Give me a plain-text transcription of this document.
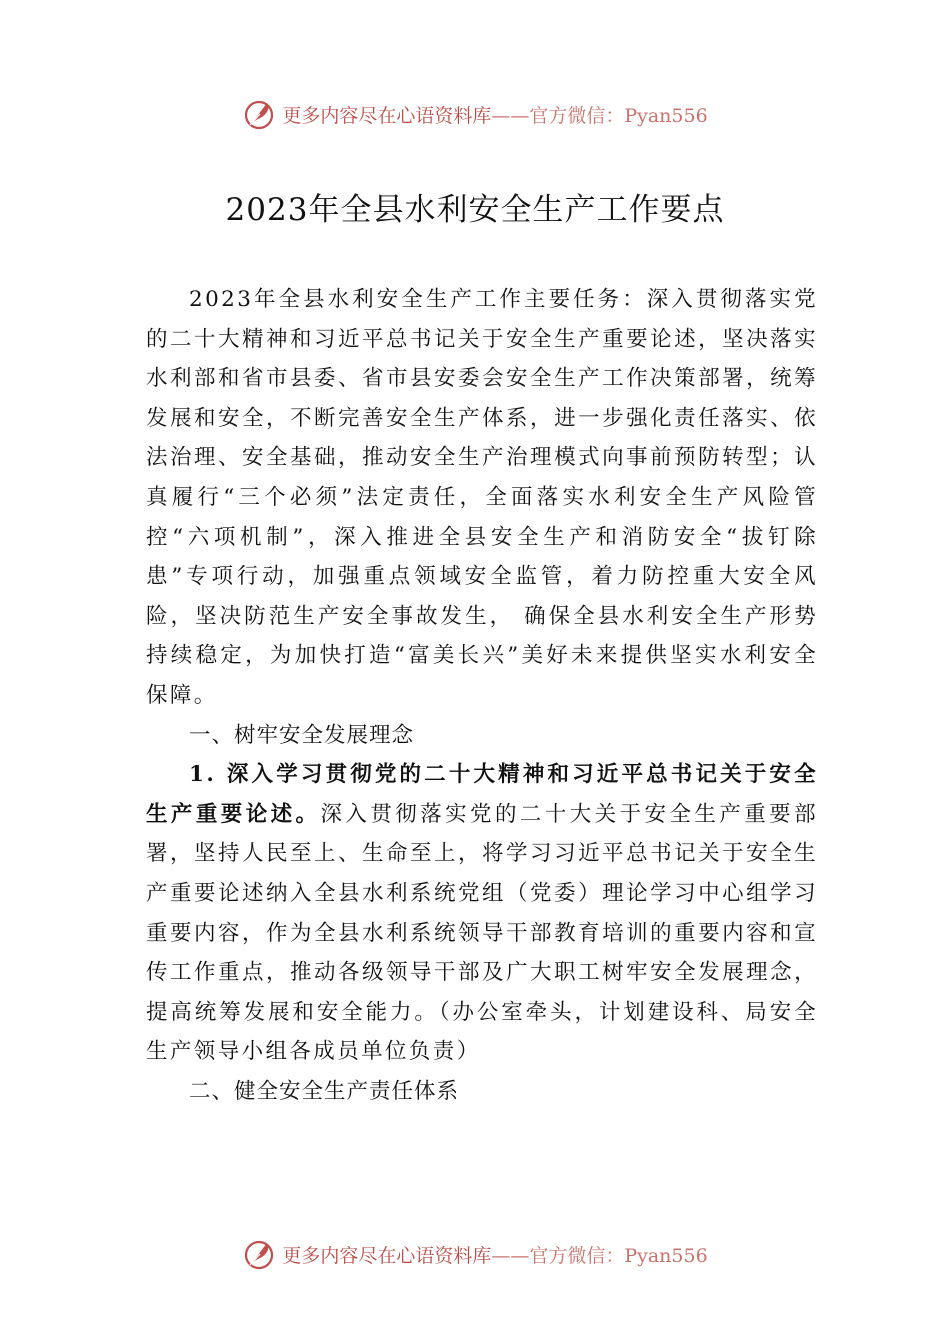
更多内容尽在心语资料库——官方微信：Pyan556
2023年全县水利安全生产工作要点

2023年全县水利安全生产工作主要任务：深入贯彻落实党的二十大精神和习近平总书记关于安全生产重要论述，坚决落实水利部和省市县委、省市县安委会安全生产工作决策部署，统筹发展和安全，不断完善安全生产体系，进一步强化责任落实、依法治理、安全基础，推动安全生产治理模式向事前预防转型；认真履行“三个必须”法定责任，全面落实水利安全生产风险管控“六项机制”，深入推进全县安全生产和消防安全“拔钉除患”专项行动，加强重点领域安全监管，着力防控重大安全风险，坚决防范生产安全事故发生， 确保全县水利安全生产形势持续稳定，为加快打造“富美长兴”美好未来提供坚实水利安全保障。

一、树牢安全发展理念

1. 深入学习贯彻党的二十大精神和习近平总书记关于安全生产重要论述。深入贯彻落实党的二十大关于安全生产重要部署，坚持人民至上、生命至上，将学习习近平总书记关于安全生产重要论述纳入全县水利系统党组（党委）理论学习中心组学习重要内容，作为全县水利系统领导干部教育培训的重要内容和宣传工作重点，推动各级领导干部及广大职工树牢安全发展理念，提高统筹发展和安全能力。（办公室牵头，计划建设科、局安全生产领导小组各成员单位负责）

二、健全安全生产责任体系

更多内容尽在心语资料库——官方微信：Pyan556
